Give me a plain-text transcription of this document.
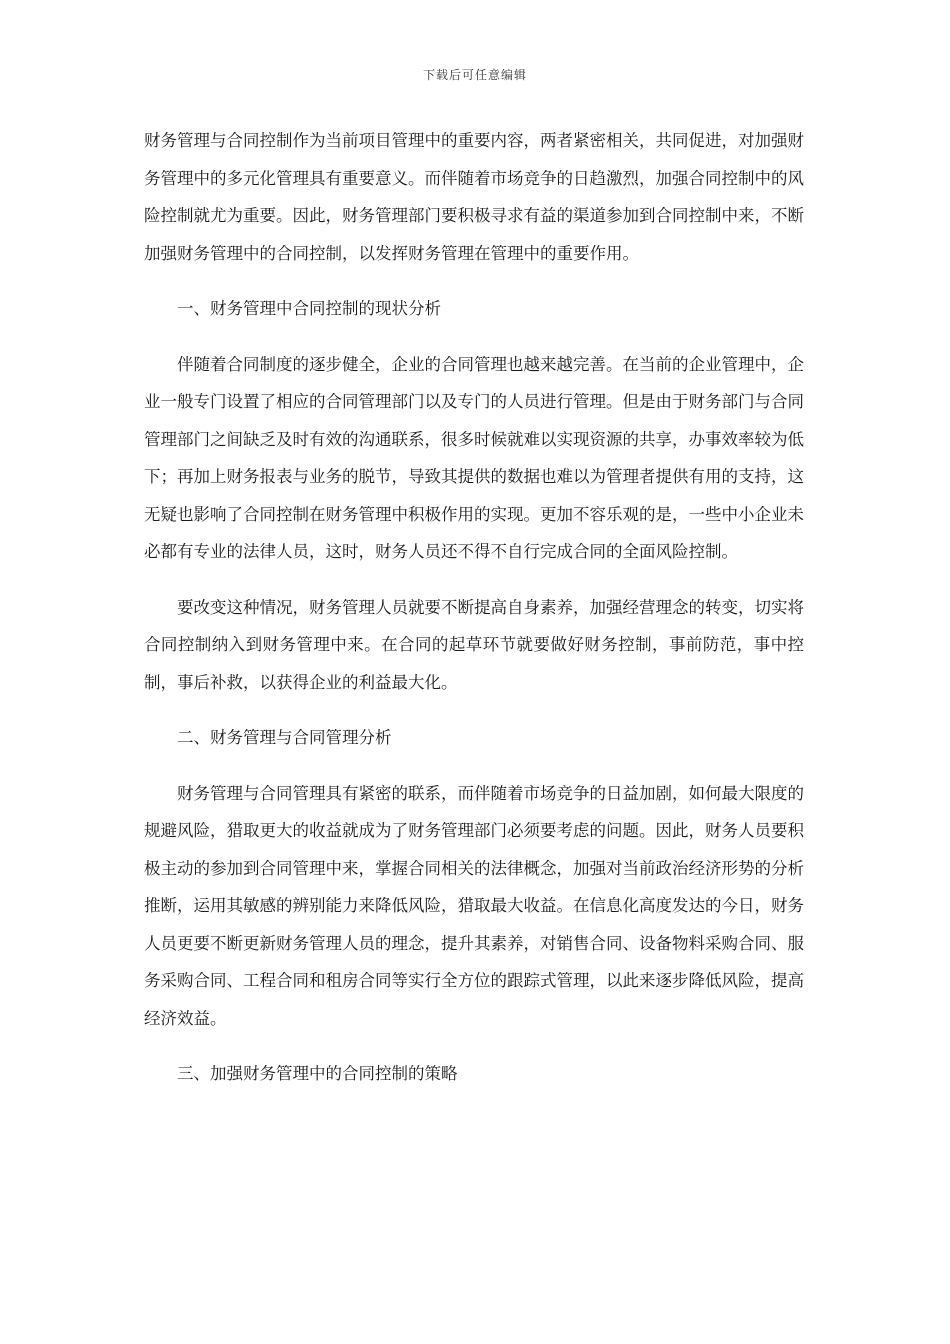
下载后可任意编辑

财务管理与合同控制作为当前项目管理中的重要内容，两者紧密相关，共同促进，对加强财务管理中的多元化管理具有重要意义。而伴随着市场竞争的日趋激烈，加强合同控制中的风险控制就尤为重要。因此，财务管理部门要积极寻求有益的渠道参加到合同控制中来，不断加强财务管理中的合同控制，以发挥财务管理在管理中的重要作用。

一、财务管理中合同控制的现状分析

伴随着合同制度的逐步健全，企业的合同管理也越来越完善。在当前的企业管理中，企业一般专门设置了相应的合同管理部门以及专门的人员进行管理。但是由于财务部门与合同管理部门之间缺乏及时有效的沟通联系，很多时候就难以实现资源的共享，办事效率较为低下；再加上财务报表与业务的脱节，导致其提供的数据也难以为管理者提供有用的支持，这无疑也影响了合同控制在财务管理中积极作用的实现。更加不容乐观的是，一些中小企业未必都有专业的法律人员，这时，财务人员还不得不自行完成合同的全面风险控制。

要改变这种情况，财务管理人员就要不断提高自身素养，加强经营理念的转变，切实将合同控制纳入到财务管理中来。在合同的起草环节就要做好财务控制，事前防范，事中控制，事后补救，以获得企业的利益最大化。

二、财务管理与合同管理分析

财务管理与合同管理具有紧密的联系，而伴随着市场竞争的日益加剧，如何最大限度的规避风险，猎取更大的收益就成为了财务管理部门必须要考虑的问题。因此，财务人员要积极主动的参加到合同管理中来，掌握合同相关的法律概念，加强对当前政治经济形势的分析推断，运用其敏感的辨别能力来降低风险，猎取最大收益。在信息化高度发达的今日，财务人员更要不断更新财务管理人员的理念，提升其素养，对销售合同、设备物料采购合同、服务采购合同、工程合同和租房合同等实行全方位的跟踪式管理，以此来逐步降低风险，提高经济效益。

三、加强财务管理中的合同控制的策略
